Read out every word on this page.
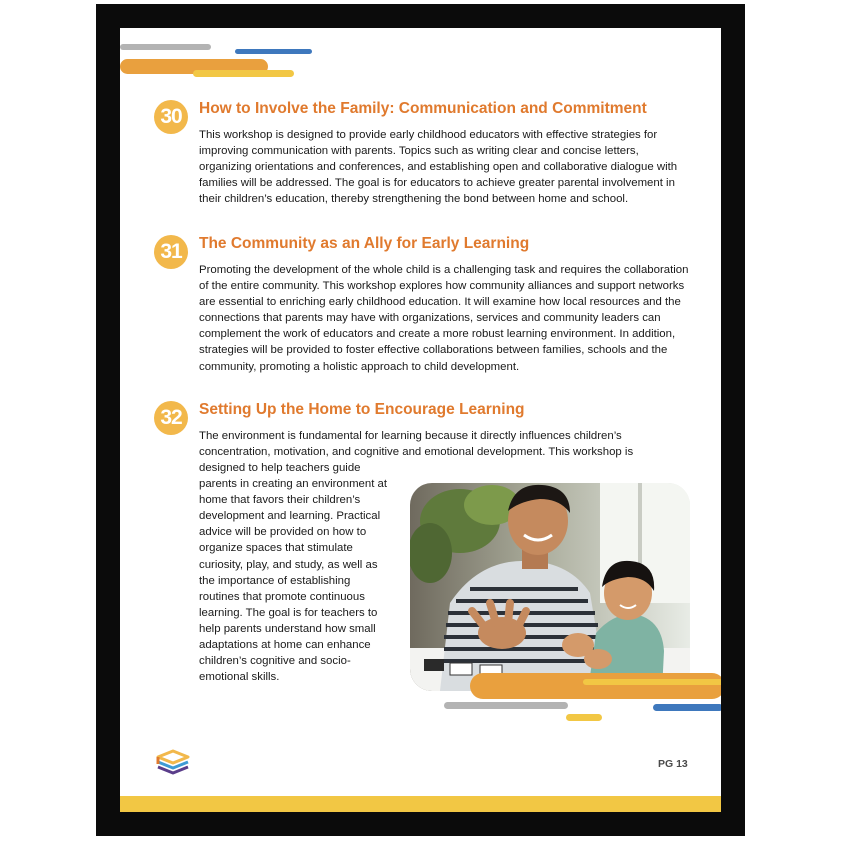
30	How to Involve the Family: Communication and Commitment
This workshop is designed to provide early childhood educators with effective strategies for improving communication with parents. Topics such as writing clear and concise letters, organizing orientations and conferences, and establishing open and collaborative dialogue with families will be addressed. The goal is for educators to achieve greater parental involvement in their children’s education, thereby strengthening the bond between home and school.
31	The Community as an Ally for Early Learning
Promoting the development of the whole child is a challenging task and requires the collaboration of the entire community. This workshop explores how community alliances and support networks are essential to enriching early childhood education. It will examine how local resources and the connections that parents may have with organizations, services and community leaders can complement the work of educators and create a more robust learning environment. In addition, strategies will be provided to foster effective collaborations between families, schools and the community, promoting a holistic approach to child development.
32	Setting Up the Home to Encourage Learning
The environment is fundamental for learning because it directly influences children’s concentration, motivation, and cognitive and emotional development. This workshop is
designed to help teachers guide parents in creating an environment at home that favors their children’s development and learning. Practical advice will be provided on how to organize spaces that stimulate curiosity, play, and study, as well as the importance of establishing routines that promote continuous learning. The goal is for teachers to help parents understand how small adaptations at home can enhance children’s cognitive and socio-emotional skills.
PG 13
